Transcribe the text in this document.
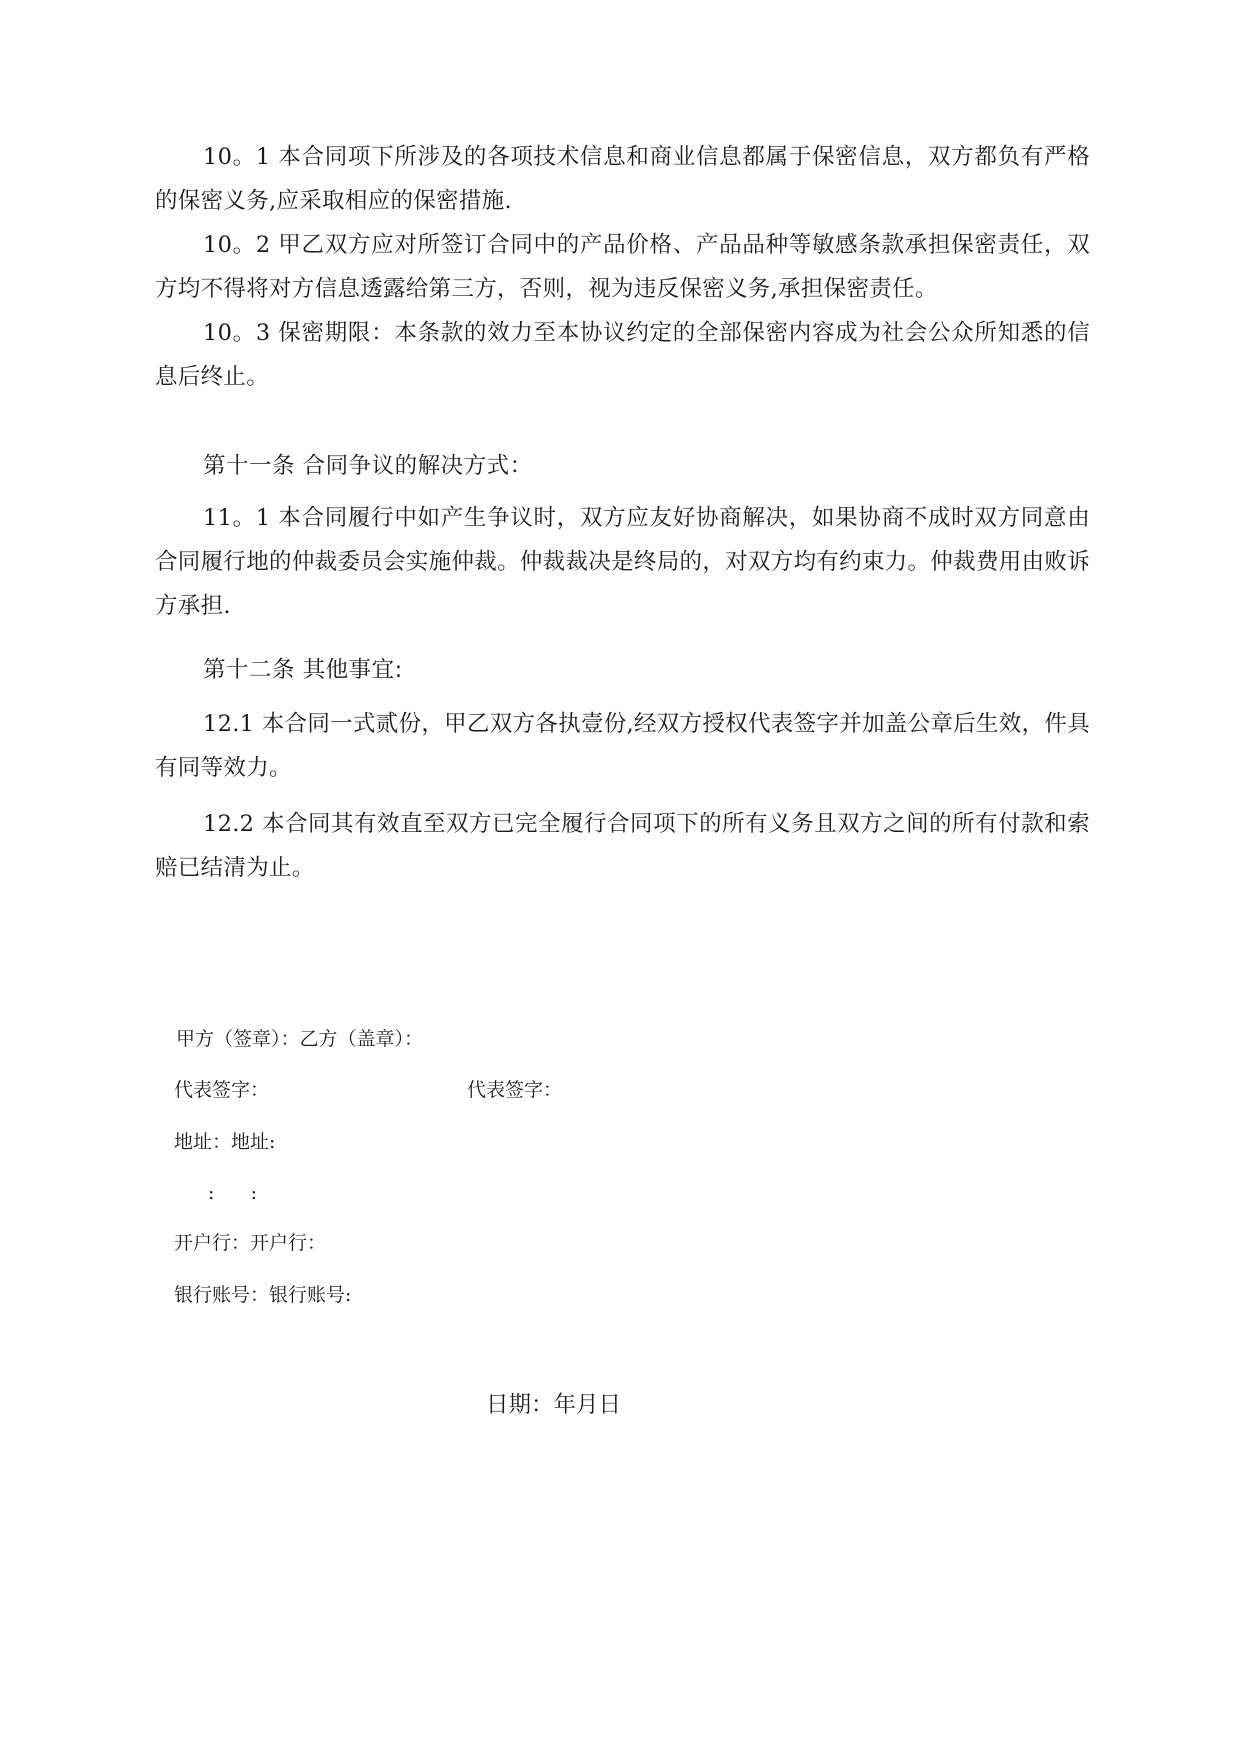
10。1 本合同项下所涉及的各项技术信息和商业信息都属于保密信息，双方都负有严格的保密义务,应采取相应的保密措施.

10。2 甲乙双方应对所签订合同中的产品价格、产品品种等敏感条款承担保密责任，双方均不得将对方信息透露给第三方，否则，视为违反保密义务,承担保密责任。

10。3 保密期限：本条款的效力至本协议约定的全部保密内容成为社会公众所知悉的信息后终止。

第十一条 合同争议的解决方式：

11。1 本合同履行中如产生争议时，双方应友好协商解决，如果协商不成时双方同意由合同履行地的仲裁委员会实施仲裁。仲裁裁决是终局的，对双方均有约束力。仲裁费用由败诉方承担.

第十二条 其他事宜:

12.1 本合同一式贰份，甲乙双方各执壹份,经双方授权代表签字并加盖公章后生效，件具有同等效力。

12.2 本合同其有效直至双方已完全履行合同项下的所有义务且双方之间的所有付款和索赔已结清为止。

甲方（签章）：乙方（盖章）：

代表签字：	代表签字：

地址：地址:

:      :

开户行：开户行：

银行账号：银行账号:

日期：年月日
